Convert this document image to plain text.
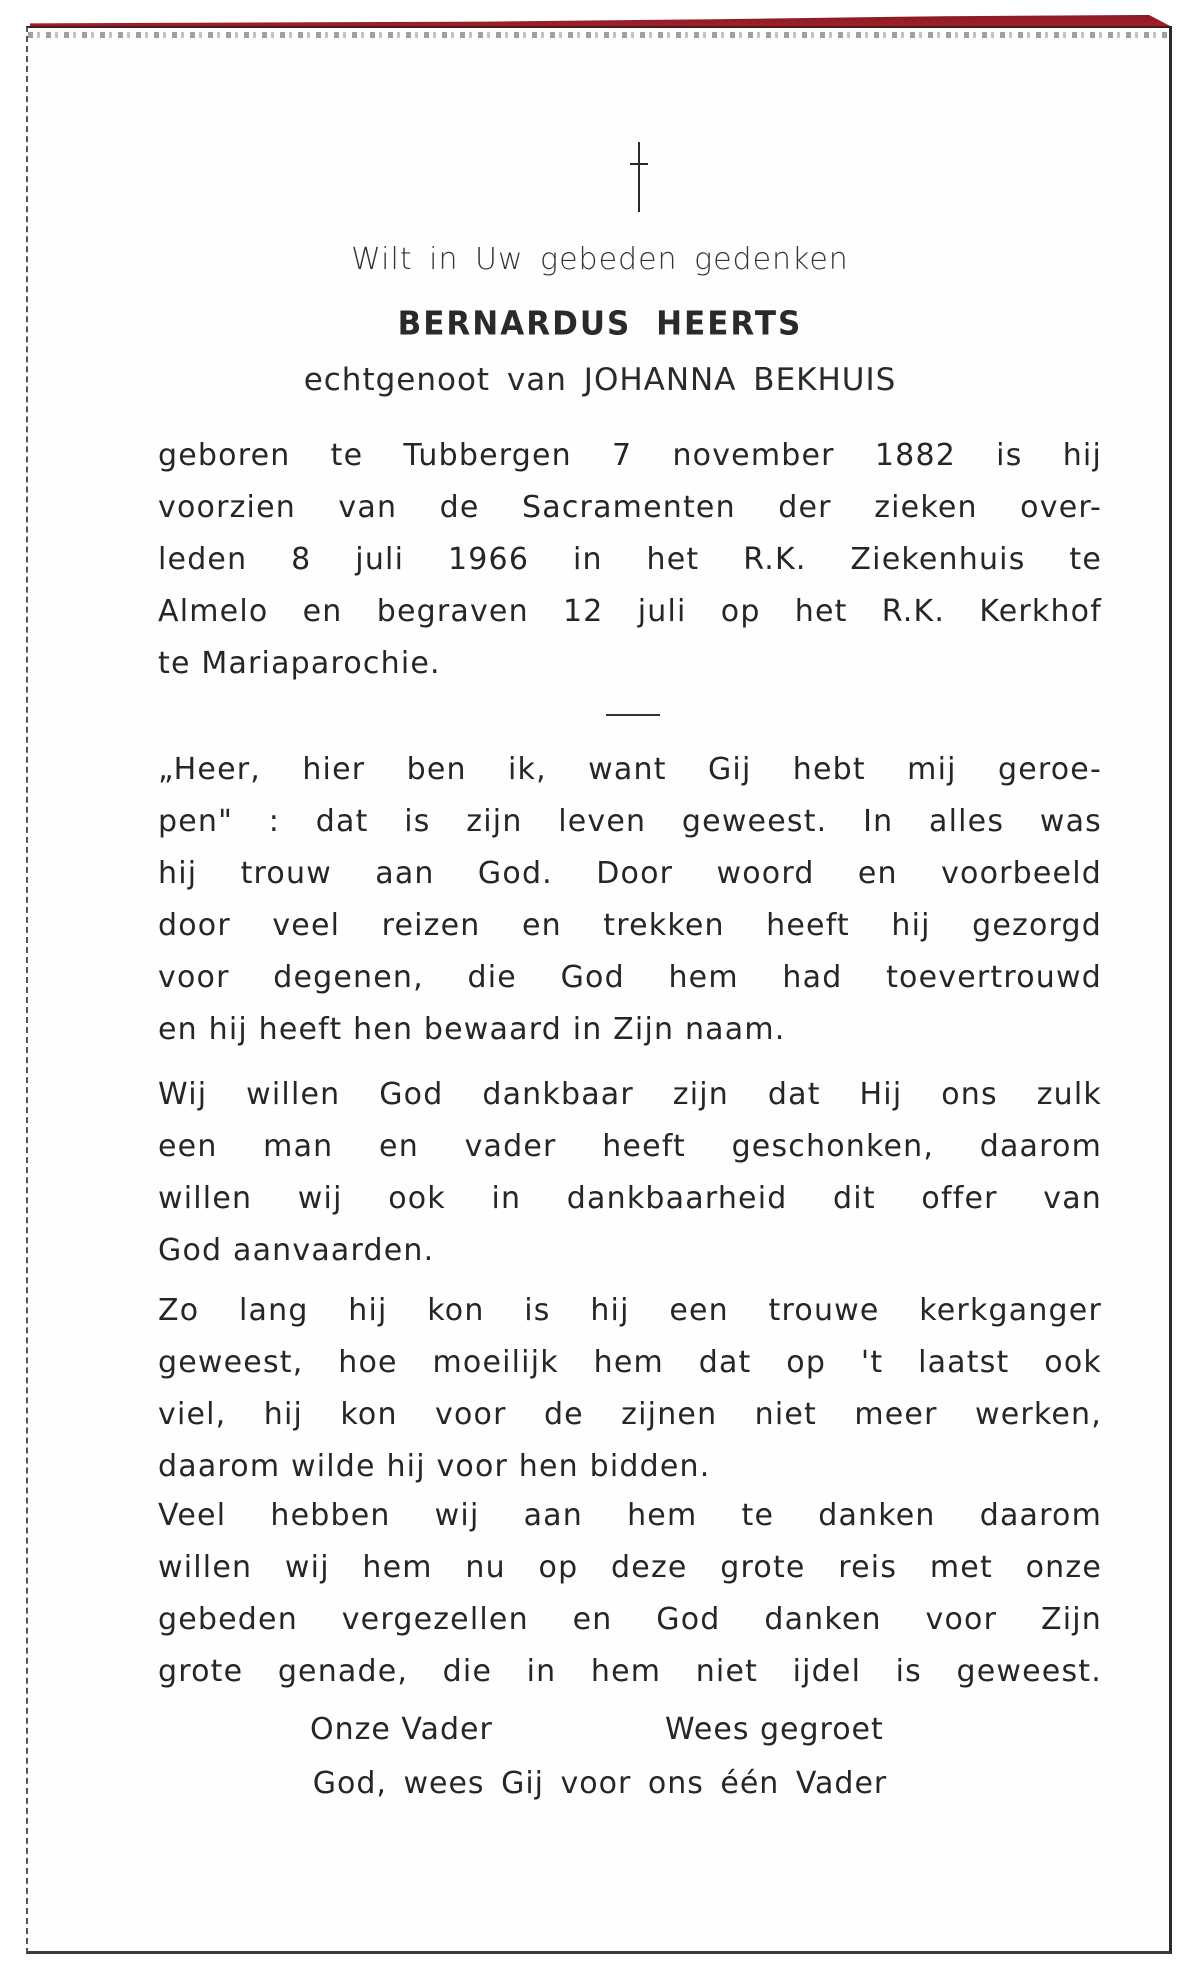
Wilt in Uw gebeden gedenken
BERNARDUS HEERTS
echtgenoot van JOHANNA BEKHUIS
geboren te Tubbergen 7 november 1882 is hij
voorzien van de Sacramenten der zieken over-
leden 8 juli 1966 in het R.K. Ziekenhuis te
Almelo en begraven 12 juli op het R.K. Kerkhof
te Mariaparochie.
„Heer, hier ben ik, want Gij hebt mij geroe-
pen" : dat is zijn leven geweest. In alles was
hij trouw aan God. Door woord en voorbeeld
door veel reizen en trekken heeft hij gezorgd
voor degenen, die God hem had toevertrouwd
en hij heeft hen bewaard in Zijn naam.
Wij willen God dankbaar zijn dat Hij ons zulk
een man en vader heeft geschonken, daarom
willen wij ook in dankbaarheid dit offer van
God aanvaarden.
Zo lang hij kon is hij een trouwe kerkganger
geweest, hoe moeilijk hem dat op 't laatst ook
viel, hij kon voor de zijnen niet meer werken,
daarom wilde hij voor hen bidden.
Veel hebben wij aan hem te danken daarom
willen wij hem nu op deze grote reis met onze
gebeden vergezellen en God danken voor Zijn
grote genade, die in hem niet ijdel is geweest.
Onze Vader	Wees gegroet
God, wees Gij voor ons één Vader
